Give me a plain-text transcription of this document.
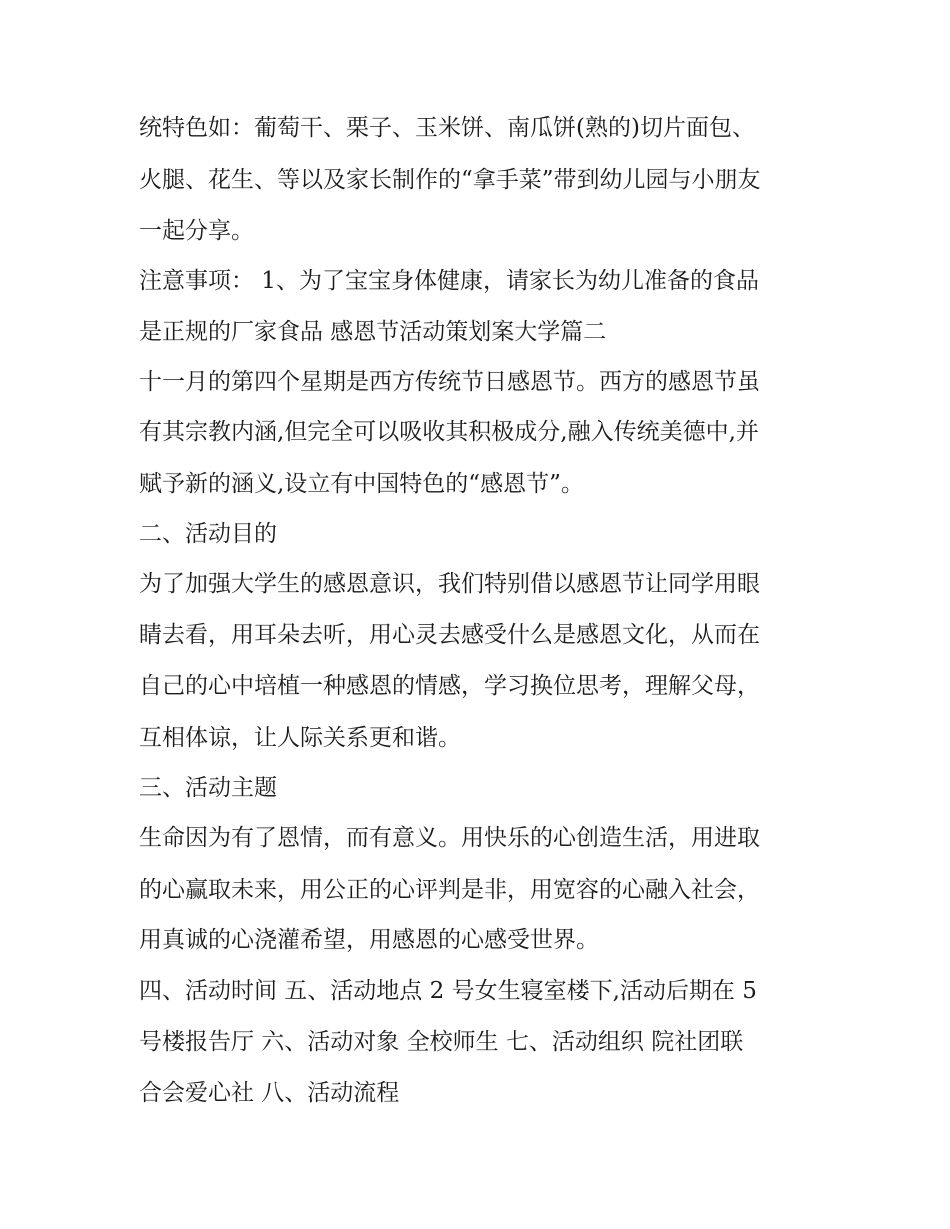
统特色如：葡萄干、栗子、玉米饼、南瓜饼(熟的)切片面包、
火腿、花生、等以及家长制作的“拿手菜”带到幼儿园与小朋友
一起分享。
注意事项： 1、为了宝宝身体健康，请家长为幼儿准备的食品
是正规的厂家食品 感恩节活动策划案大学篇二
十一月的第四个星期是西方传统节日感恩节。西方的感恩节虽
有其宗教内涵,但完全可以吸收其积极成分,融入传统美德中,并
赋予新的涵义,设立有中国特色的“感恩节”。
二、活动目的
为了加强大学生的感恩意识，我们特别借以感恩节让同学用眼
睛去看，用耳朵去听，用心灵去感受什么是感恩文化，从而在
自己的心中培植一种感恩的情感，学习换位思考，理解父母，
互相体谅，让人际关系更和谐。
三、活动主题
生命因为有了恩情，而有意义。用快乐的心创造生活，用进取
的心赢取未来，用公正的心评判是非，用宽容的心融入社会，
用真诚的心浇灌希望，用感恩的心感受世界。
四、活动时间 五、活动地点 2 号女生寝室楼下,活动后期在 5
号楼报告厅 六、活动对象 全校师生 七、活动组织 院社团联
合会爱心社 八、活动流程
